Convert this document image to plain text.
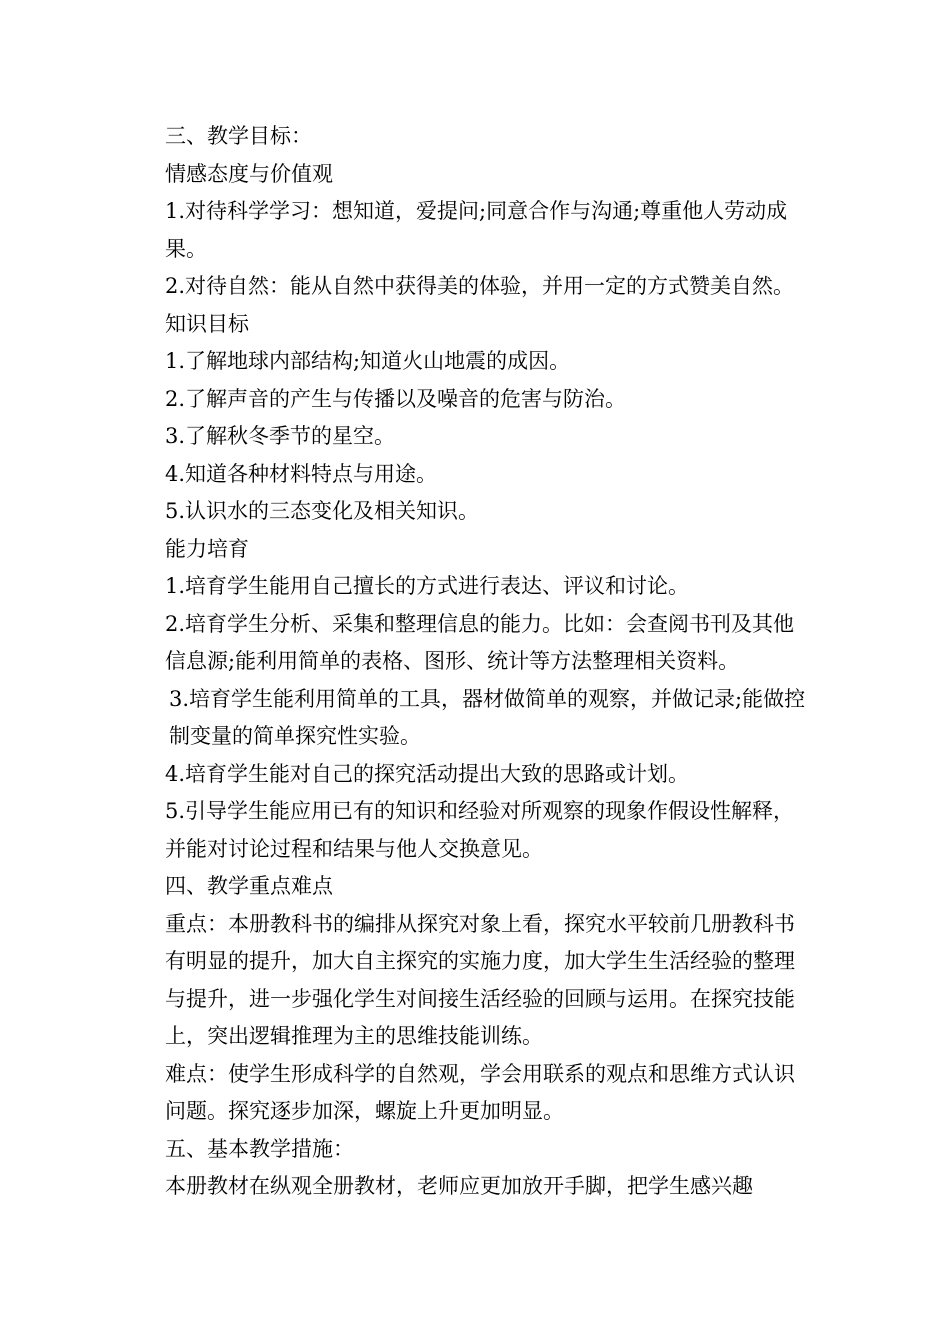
三、教学目标：

情感态度与价值观

1.对待科学学习：想知道，爱提问;同意合作与沟通;尊重他人劳动成果。

2.对待自然：能从自然中获得美的体验，并用一定的方式赞美自然。

知识目标

1.了解地球内部结构;知道火山地震的成因。

2.了解声音的产生与传播以及噪音的危害与防治。

3.了解秋冬季节的星空。

4.知道各种材料特点与用途。

5.认识水的三态变化及相关知识。

能力培育

1.培育学生能用自己擅长的方式进行表达、评议和讨论。

2.培育学生分析、采集和整理信息的能力。比如：会查阅书刊及其他信息源;能利用简单的表格、图形、统计等方法整理相关资料。

3.培育学生能利用简单的工具，器材做简单的观察，并做记录;能做控制变量的简单探究性实验。

4.培育学生能对自己的探究活动提出大致的思路或计划。

5.引导学生能应用已有的知识和经验对所观察的现象作假设性解释，并能对讨论过程和结果与他人交换意见。

四、教学重点难点

重点：本册教科书的编排从探究对象上看，探究水平较前几册教科书有明显的提升，加大自主探究的实施力度，加大学生生活经验的整理与提升，进一步强化学生对间接生活经验的回顾与运用。在探究技能上，突出逻辑推理为主的思维技能训练。

难点：使学生形成科学的自然观，学会用联系的观点和思维方式认识问题。探究逐步加深，螺旋上升更加明显。

五、基本教学措施：

本册教材在纵观全册教材，老师应更加放开手脚，把学生感兴趣
